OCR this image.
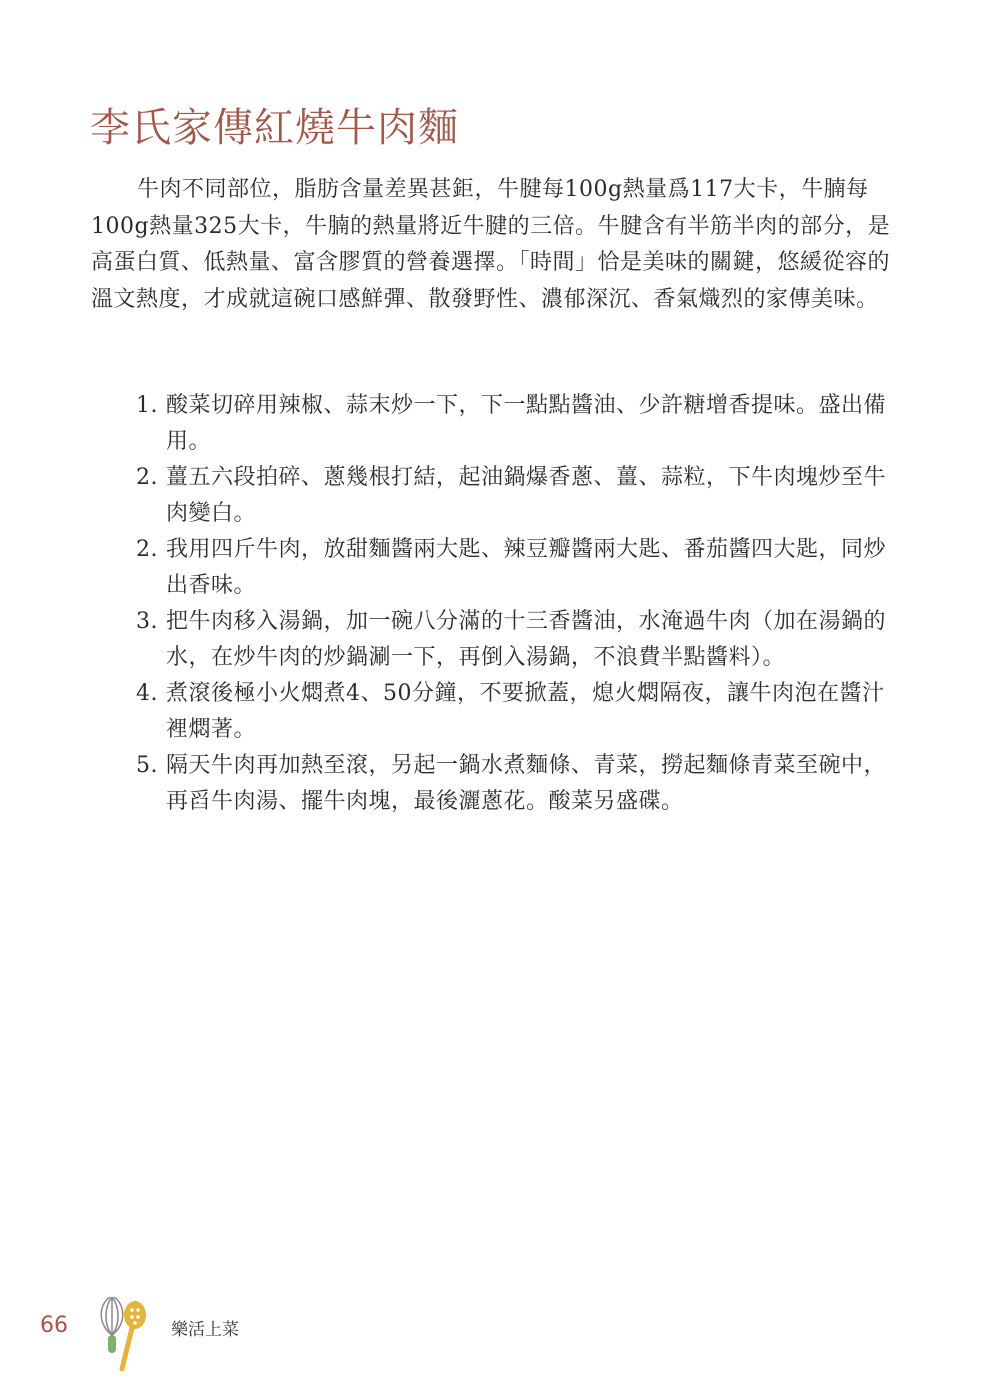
李氏家傳紅燒牛肉麵

牛肉不同部位，脂肪含量差異甚鉅，牛腱每100g熱量爲117大卡，牛腩每100g熱量325大卡，牛腩的熱量將近牛腱的三倍。牛腱含有半筋半肉的部分，是高蛋白質、低熱量、富含膠質的營養選擇。「時間」恰是美味的關鍵，悠緩從容的溫文熱度，才成就這碗口感鮮彈、散發野性、濃郁深沉、香氣熾烈的家傳美味。

1. 酸菜切碎用辣椒、蒜末炒一下，下一點點醬油、少許糖增香提味。盛出備用。
2. 薑五六段拍碎、蔥幾根打結，起油鍋爆香蔥、薑、蒜粒，下牛肉塊炒至牛肉變白。
2. 我用四斤牛肉，放甜麵醬兩大匙、辣豆瓣醬兩大匙、番茄醬四大匙，同炒出香味。
3. 把牛肉移入湯鍋，加一碗八分滿的十三香醬油，水淹過牛肉（加在湯鍋的水，在炒牛肉的炒鍋涮一下，再倒入湯鍋，不浪費半點醬料）。
4. 煮滾後極小火燜煮4、50分鐘，不要掀蓋，熄火燜隔夜，讓牛肉泡在醬汁裡燜著。
5. 隔天牛肉再加熱至滾，另起一鍋水煮麵條、青菜，撈起麵條青菜至碗中，再舀牛肉湯、擺牛肉塊，最後灑蔥花。酸菜另盛碟。
66	樂活上菜
